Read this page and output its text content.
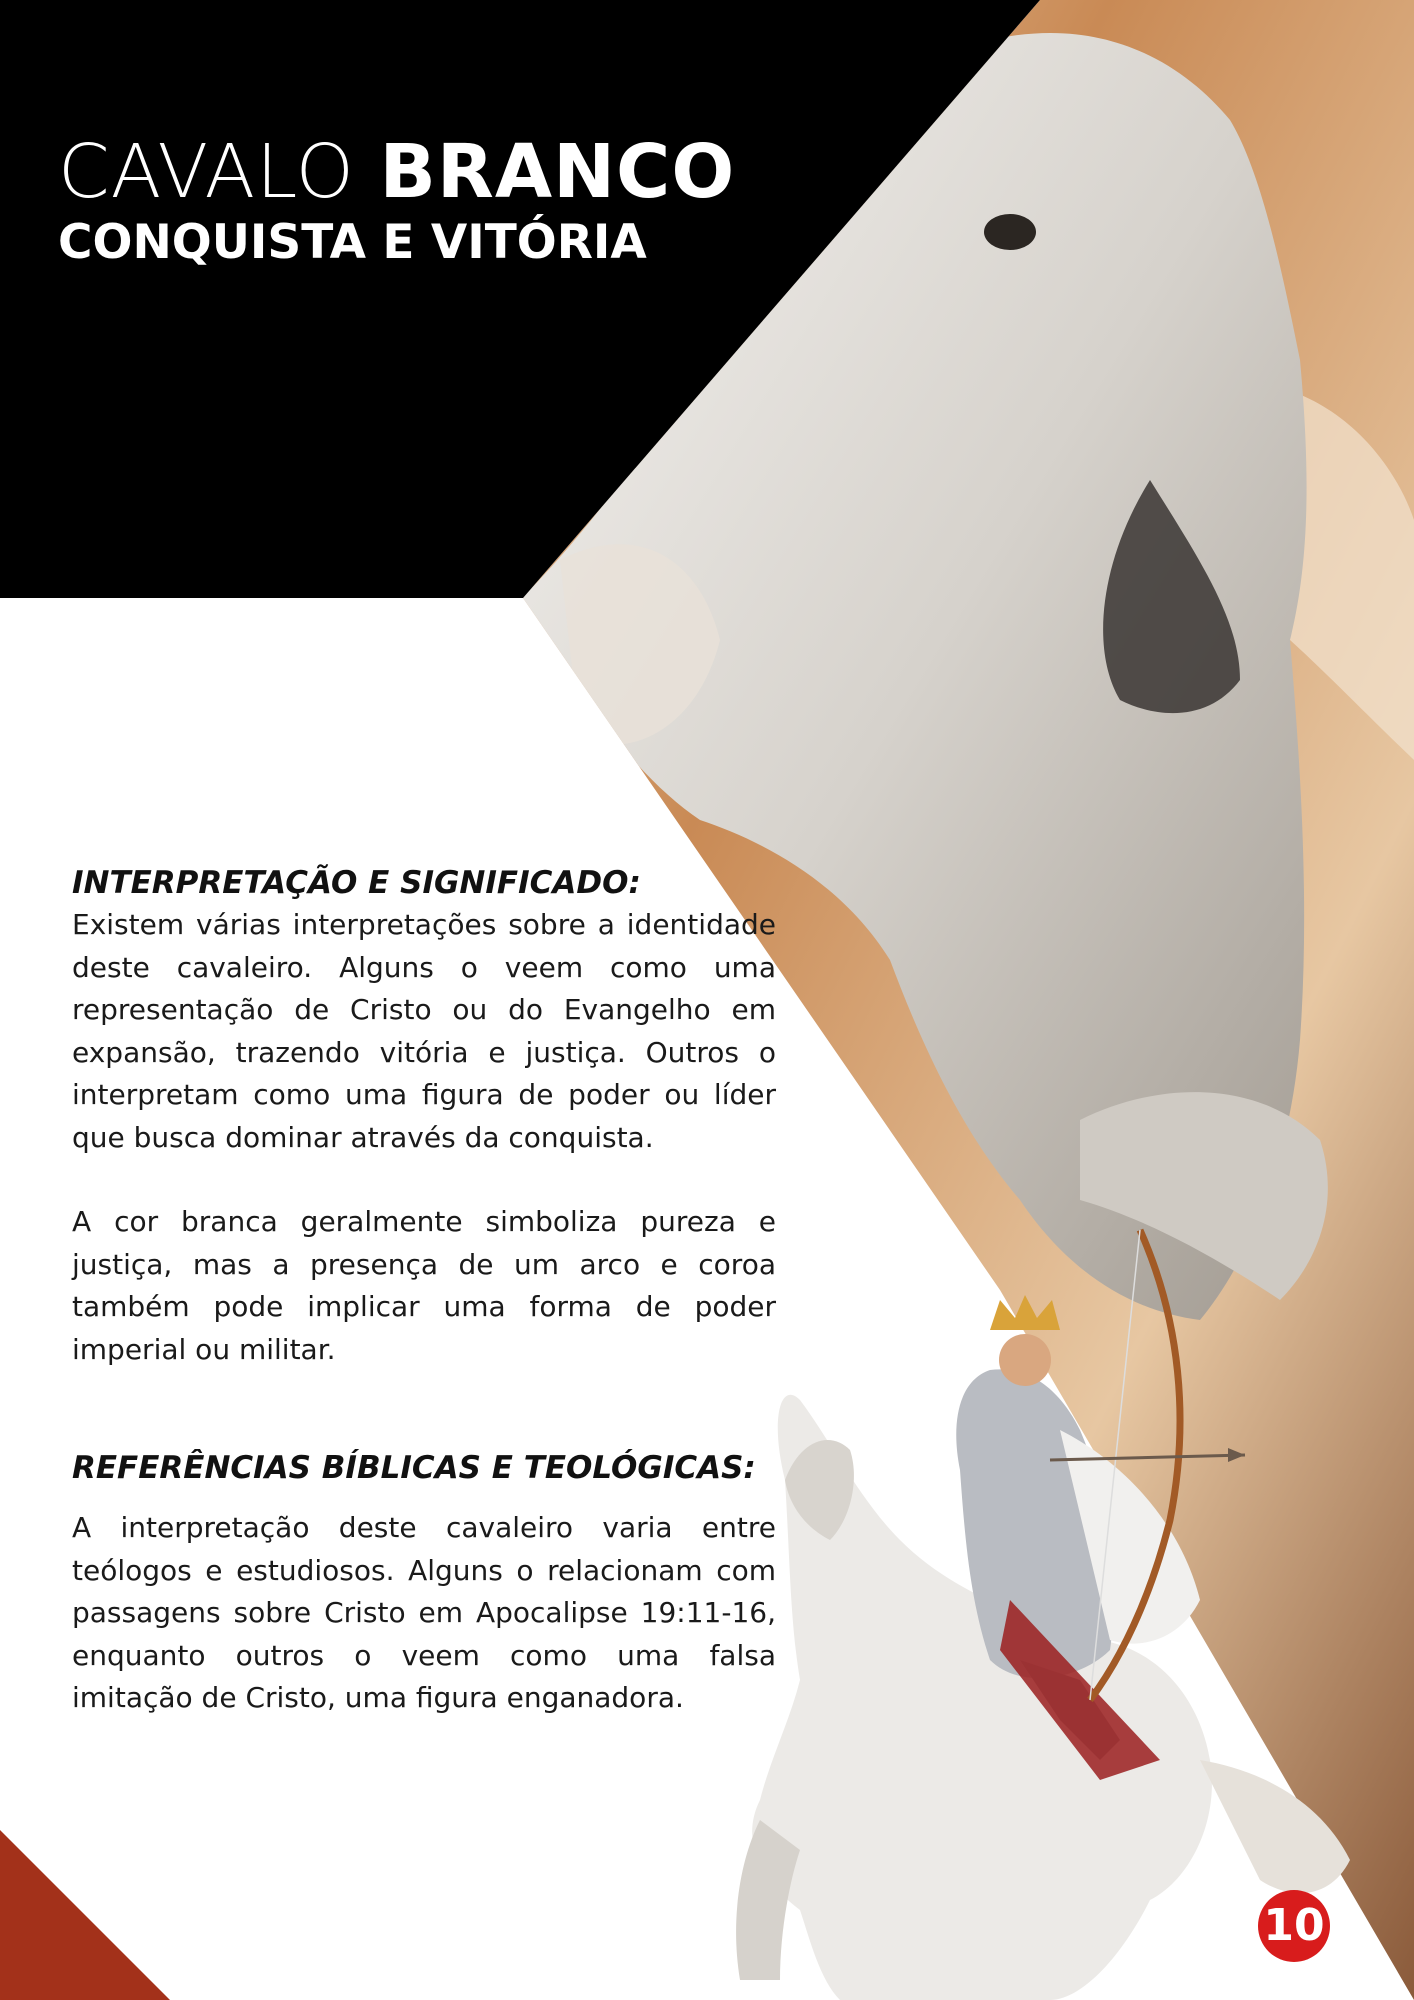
CAVALO BRANCO
CONQUISTA E VITÓRIA
INTERPRETAÇÃO E SIGNIFICADO:

Existem várias interpretações sobre a identidade deste cavaleiro. Alguns o veem como uma representação de Cristo ou do Evangelho em expansão, trazendo vitória e justiça. Outros o interpretam como uma figura de poder ou líder que busca dominar através da conquista.

A cor branca geralmente simboliza pureza e justiça, mas a presença de um arco e coroa também pode implicar uma forma de poder imperial ou militar.

REFERÊNCIAS BÍBLICAS E TEOLÓGICAS:

A interpretação deste cavaleiro varia entre teólogos e estudiosos. Alguns o relacionam com passagens sobre Cristo em Apocalipse 19:11-16, enquanto outros o veem como uma falsa imitação de Cristo, uma figura enganadora.

10
